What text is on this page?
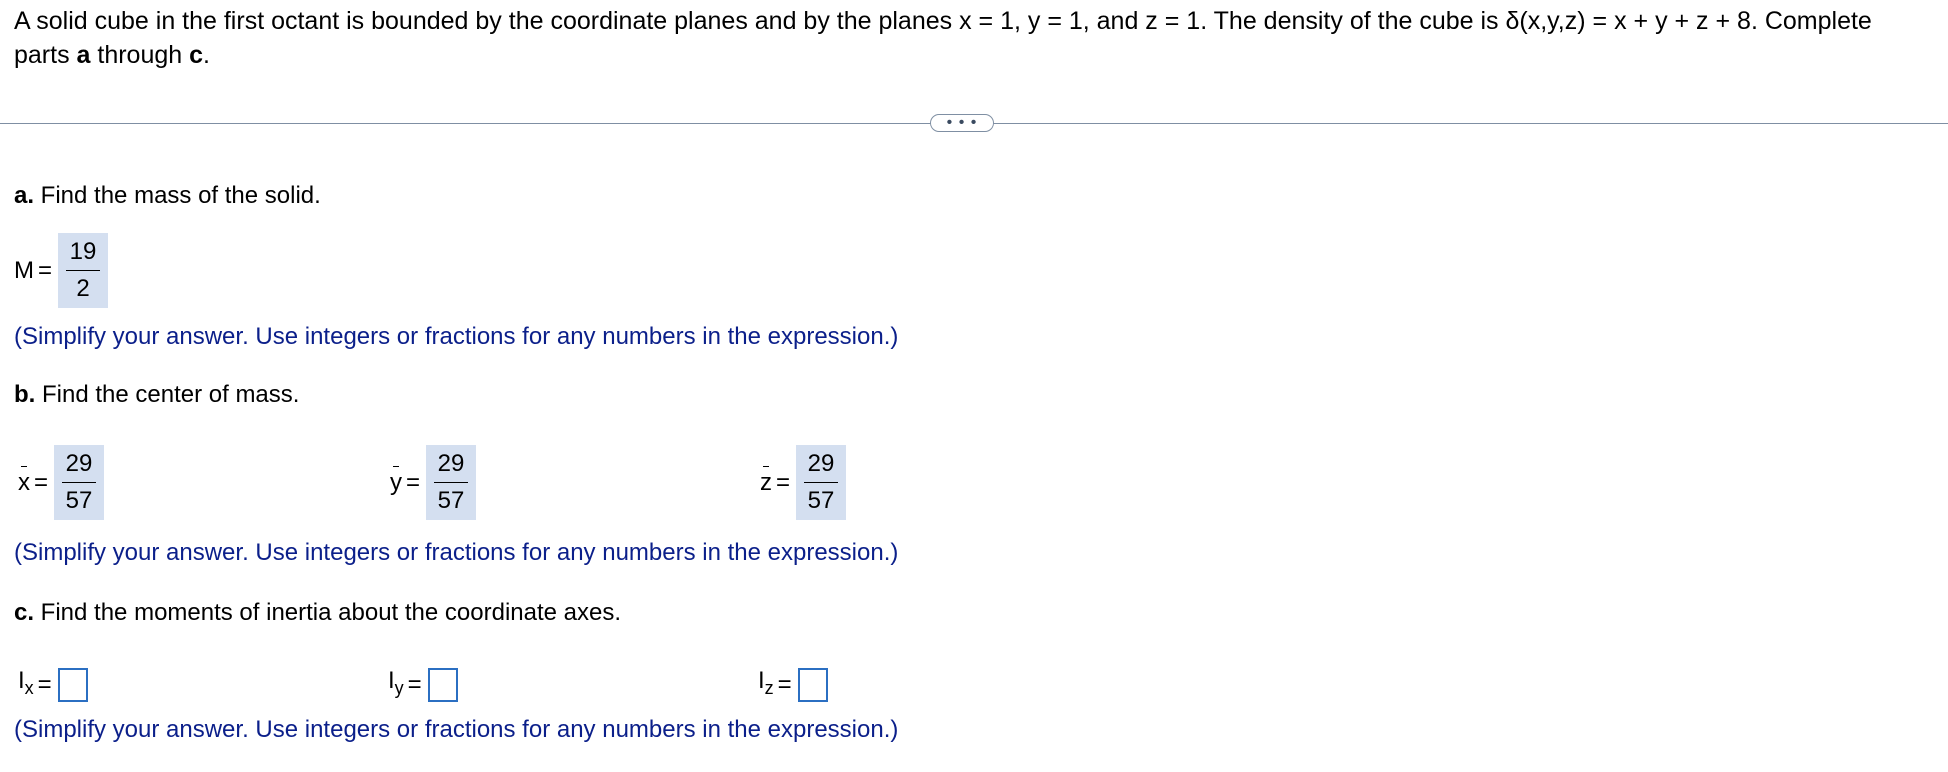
A solid cube in the first octant is bounded by the coordinate planes and by the planes x = 1, y = 1, and z = 1. The density of the cube is δ(x,y,z) = x + y + z + 8. Complete parts a through c.
• • •
a. Find the mass of the solid.
$M = \frac{19}{2}$
(Simplify your answer. Use integers or fractions for any numbers in the expression.)
b. Find the center of mass.
$x = \frac{29}{57}$	$y = \frac{29}{57}$	$z = \frac{29}{57}$
(Simplify your answer. Use integers or fractions for any numbers in the expression.)
c. Find the moments of inertia about the coordinate axes.
$I_x$ =	$I_y$ =	$I_z$ =
(Simplify your answer. Use integers or fractions for any numbers in the expression.)
